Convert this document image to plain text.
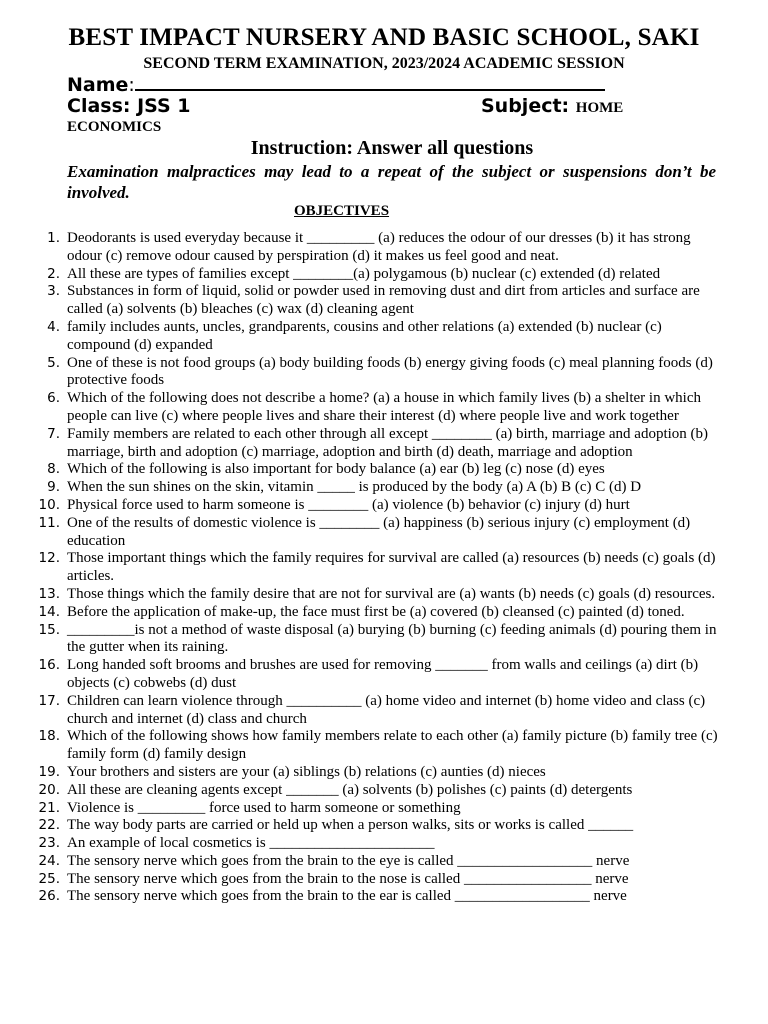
BEST IMPACT NURSERY AND BASIC SCHOOL, SAKI
SECOND TERM EXAMINATION, 2023/2024 ACADEMIC SESSION
Name:
Class: JSS 1	Subject: HOME
ECONOMICS
Instruction: Answer all questions
Examination malpractices may lead to a repeat of the subject or suspensions don’t be involved.
OBJECTIVES
1. Deodorants is used everyday because it _________ (a) reduces the odour of our dresses (b) it has strong odour (c) remove odour caused by perspiration (d) it makes us feel good and neat.
2. All these are types of families except ________(a) polygamous (b) nuclear (c) extended (d) related
3. Substances in form of liquid, solid or powder used in removing dust and dirt from articles and surface are called (a) solvents (b) bleaches (c) wax (d) cleaning agent
4. family includes aunts, uncles, grandparents, cousins and other relations (a) extended (b) nuclear (c) compound (d) expanded
5. One of these is not food groups (a) body building foods (b) energy giving foods (c) meal planning foods (d) protective foods
6. Which of the following does not describe a home? (a) a house in which family lives (b) a shelter in which people can live (c) where people lives and share their interest (d) where people live and work together
7. Family members are related to each other through all except ________ (a) birth, marriage and adoption (b) marriage, birth and adoption (c) marriage, adoption and birth (d) death, marriage and adoption
8. Which of the following is also important for body balance (a) ear (b) leg (c) nose (d) eyes
9. When the sun shines on the skin, vitamin _____ is produced by the body (a) A (b) B (c) C (d) D
10. Physical force used to harm someone is ________ (a) violence (b) behavior (c) injury (d) hurt
11. One of the results of domestic violence is ________ (a) happiness (b) serious injury (c) employment (d) education
12. Those important things which the family requires for survival are called (a) resources (b) needs (c) goals (d) articles.
13. Those things which the family desire that are not for survival are (a) wants (b) needs (c) goals (d) resources.
14. Before the application of make-up, the face must first be (a) covered (b) cleansed (c) painted (d) toned.
15. _________is not a method of waste disposal (a) burying (b) burning (c) feeding animals (d) pouring them in the gutter when its raining.
16. Long handed soft brooms and brushes are used for removing _______ from walls and ceilings (a) dirt (b) objects (c) cobwebs (d) dust
17. Children can learn violence through __________ (a) home video and internet (b) home video and class (c) church and internet (d) class and church
18. Which of the following shows how family members relate to each other (a) family picture (b) family tree (c) family form (d) family design
19. Your brothers and sisters are your (a) siblings (b) relations (c) aunties (d) nieces
20. All these are cleaning agents except _______ (a) solvents (b) polishes (c) paints (d) detergents
21. Violence is _________ force used to harm someone or something
22. The way body parts are carried or held up when a person walks, sits or works is called ______
23. An example of local cosmetics is ______________________
24. The sensory nerve which goes from the brain to the eye is called __________________ nerve
25. The sensory nerve which goes from the brain to the nose is called _________________ nerve
26. The sensory nerve which goes from the brain to the ear is called __________________ nerve
